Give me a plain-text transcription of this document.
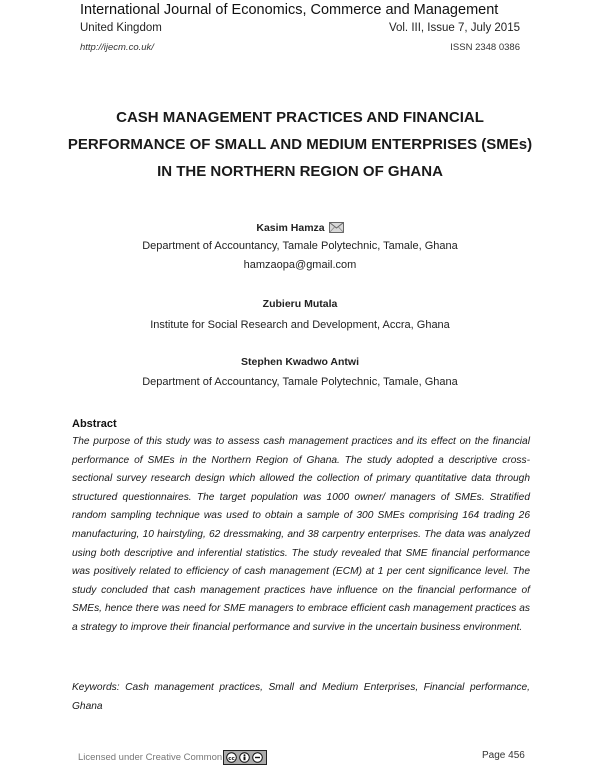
International Journal of Economics, Commerce and Management
United Kingdom	Vol. III, Issue 7, July 2015
http://ijecm.co.uk/	ISSN 2348 0386
CASH MANAGEMENT PRACTICES AND FINANCIAL PERFORMANCE OF SMALL AND MEDIUM ENTERPRISES (SMEs) IN THE NORTHERN REGION OF GHANA
Kasim Hamza
Department of Accountancy, Tamale Polytechnic, Tamale, Ghana
hamzaopa@gmail.com
Zubieru Mutala
Institute for Social Research and Development, Accra, Ghana
Stephen Kwadwo Antwi
Department of Accountancy, Tamale Polytechnic, Tamale, Ghana
Abstract
The purpose of this study was to assess cash management practices and its effect on the financial performance of SMEs in the Northern Region of Ghana. The study adopted a descriptive cross-sectional survey research design which allowed the collection of primary quantitative data through structured questionnaires. The target population was 1000 owner/ managers of SMEs. Stratified random sampling technique was used to obtain a sample of 300 SMEs comprising 164 trading 26 manufacturing, 10 hairstyling, 62 dressmaking, and 38 carpentry enterprises. The data was analyzed using both descriptive and inferential statistics. The study revealed that SME financial performance was positively related to efficiency of cash management (ECM) at 1 per cent significance level. The study concluded that cash management practices have influence on the financial performance of SMEs, hence there was need for SME managers to embrace efficient cash management practices as a strategy to improve their financial performance and survive in the uncertain business environment.
Keywords: Cash management practices, Small and Medium Enterprises, Financial performance, Ghana
Licensed under Creative Common cc	Page 456
